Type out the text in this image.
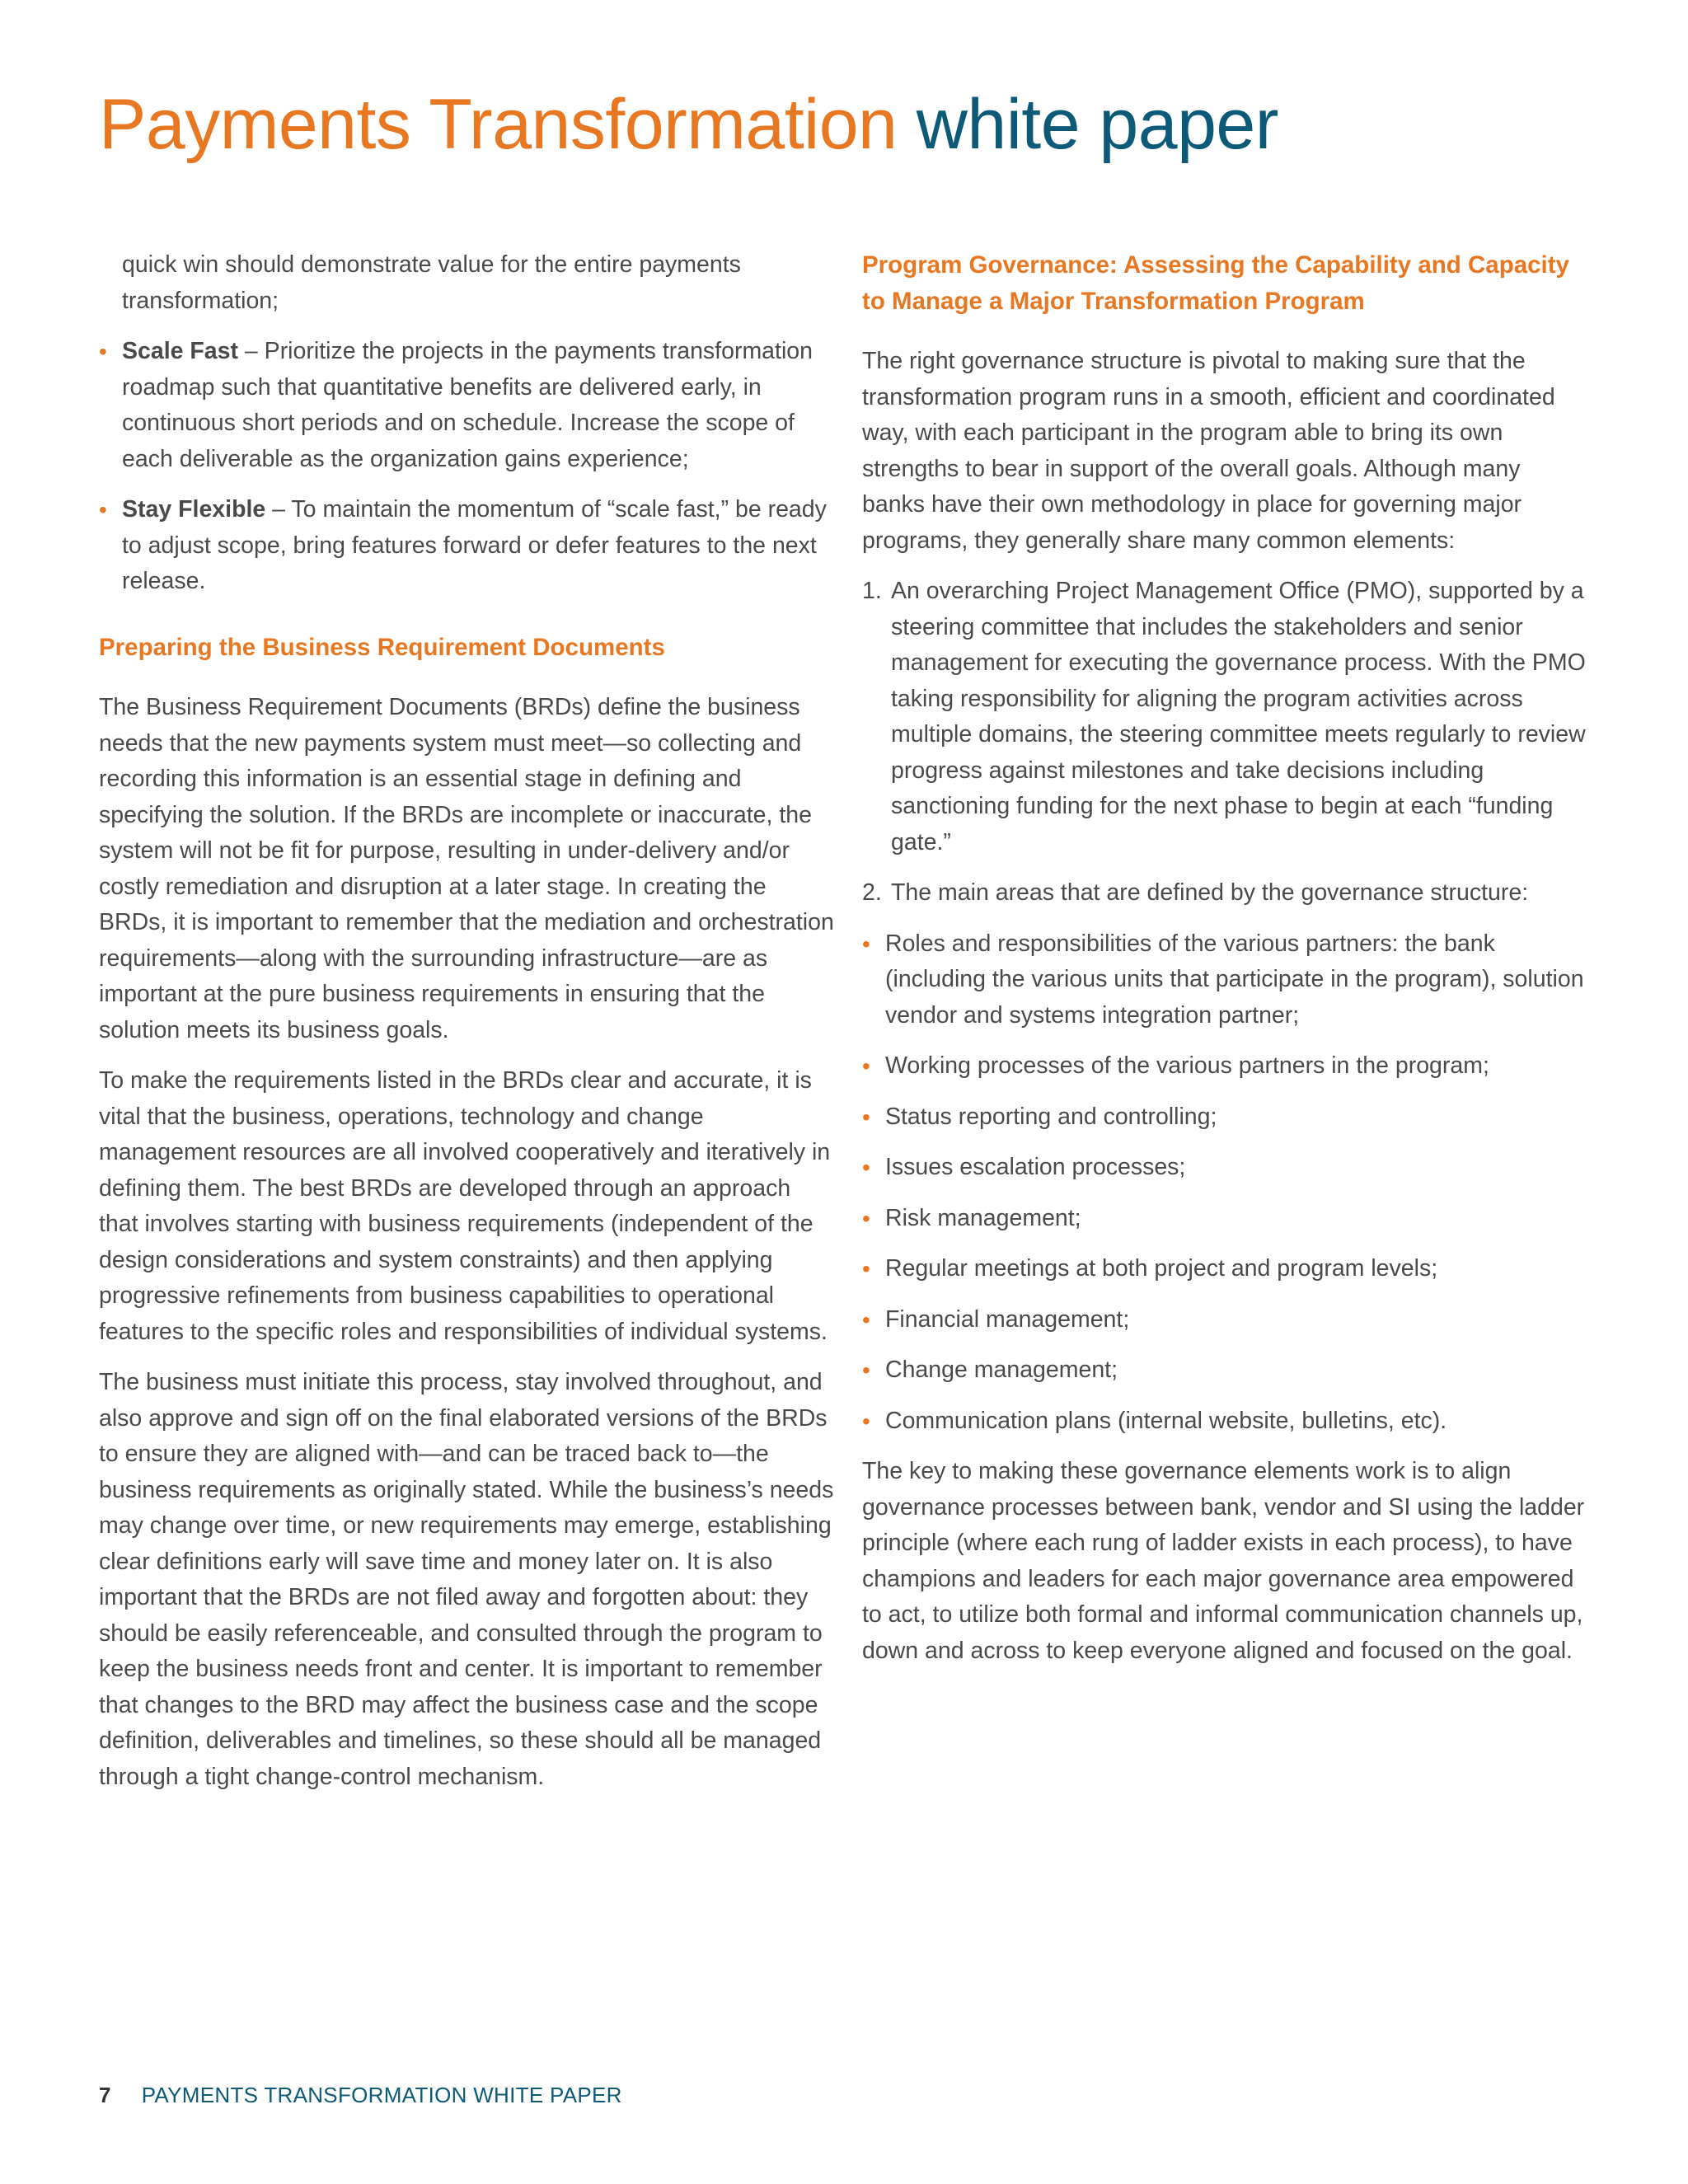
Payments Transformation white paper

quick win should demonstrate value for the entire payments transformation;

• Scale Fast – Prioritize the projects in the payments transformation roadmap such that quantitative benefits are delivered early, in continuous short periods and on schedule. Increase the scope of each deliverable as the organization gains experience;
• Stay Flexible – To maintain the momentum of “scale fast,” be ready to adjust scope, bring features forward or defer features to the next release.
Preparing the Business Requirement Documents

The Business Requirement Documents (BRDs) define the business needs that the new payments system must meet—so collecting and recording this information is an essential stage in defining and specifying the solution. If the BRDs are incomplete or inaccurate, the system will not be fit for purpose, resulting in under-delivery and/or costly remediation and disruption at a later stage. In creating the BRDs, it is important to remember that the mediation and orchestration requirements—along with the surrounding infrastructure—are as important at the pure business requirements in ensuring that the solution meets its business goals.

To make the requirements listed in the BRDs clear and accurate, it is vital that the business, operations, technology and change management resources are all involved cooperatively and iteratively in defining them. The best BRDs are developed through an approach that involves starting with business requirements (independent of the design considerations and system constraints) and then applying progressive refinements from business capabilities to operational features to the specific roles and responsibilities of individual systems.

The business must initiate this process, stay involved throughout, and also approve and sign off on the final elaborated versions of the BRDs to ensure they are aligned with—and can be traced back to—the business requirements as originally stated. While the business’s needs may change over time, or new requirements may emerge, establishing clear definitions early will save time and money later on. It is also important that the BRDs are not filed away and forgotten about: they should be easily referenceable, and consulted through the program to keep the business needs front and center. It is important to remember that changes to the BRD may affect the business case and the scope definition, deliverables and timelines, so these should all be managed through a tight change-control mechanism.

Program Governance: Assessing the Capability and Capacity to Manage a Major Transformation Program

The right governance structure is pivotal to making sure that the transformation program runs in a smooth, efficient and coordinated way, with each participant in the program able to bring its own strengths to bear in support of the overall goals. Although many banks have their own methodology in place for governing major programs, they generally share many common elements:

1. An overarching Project Management Office (PMO), supported by a steering committee that includes the stakeholders and senior management for executing the governance process. With the PMO taking responsibility for aligning the program activities across multiple domains, the steering committee meets regularly to review progress against milestones and take decisions including sanctioning funding for the next phase to begin at each “funding gate.”
2. The main areas that are defined by the governance structure:
• Roles and responsibilities of the various partners: the bank (including the various units that participate in the program), solution vendor and systems integration partner;
• Working processes of the various partners in the program;
• Status reporting and controlling;
• Issues escalation processes;
• Risk management;
• Regular meetings at both project and program levels;
• Financial management;
• Change management;
• Communication plans (internal website, bulletins, etc).

The key to making these governance elements work is to align governance processes between bank, vendor and SI using the ladder principle (where each rung of ladder exists in each process), to have champions and leaders for each major governance area empowered to act, to utilize both formal and informal communication channels up, down and across to keep everyone aligned and focused on the goal.

7 PAYMENTS TRANSFORMATION WHITE PAPER
